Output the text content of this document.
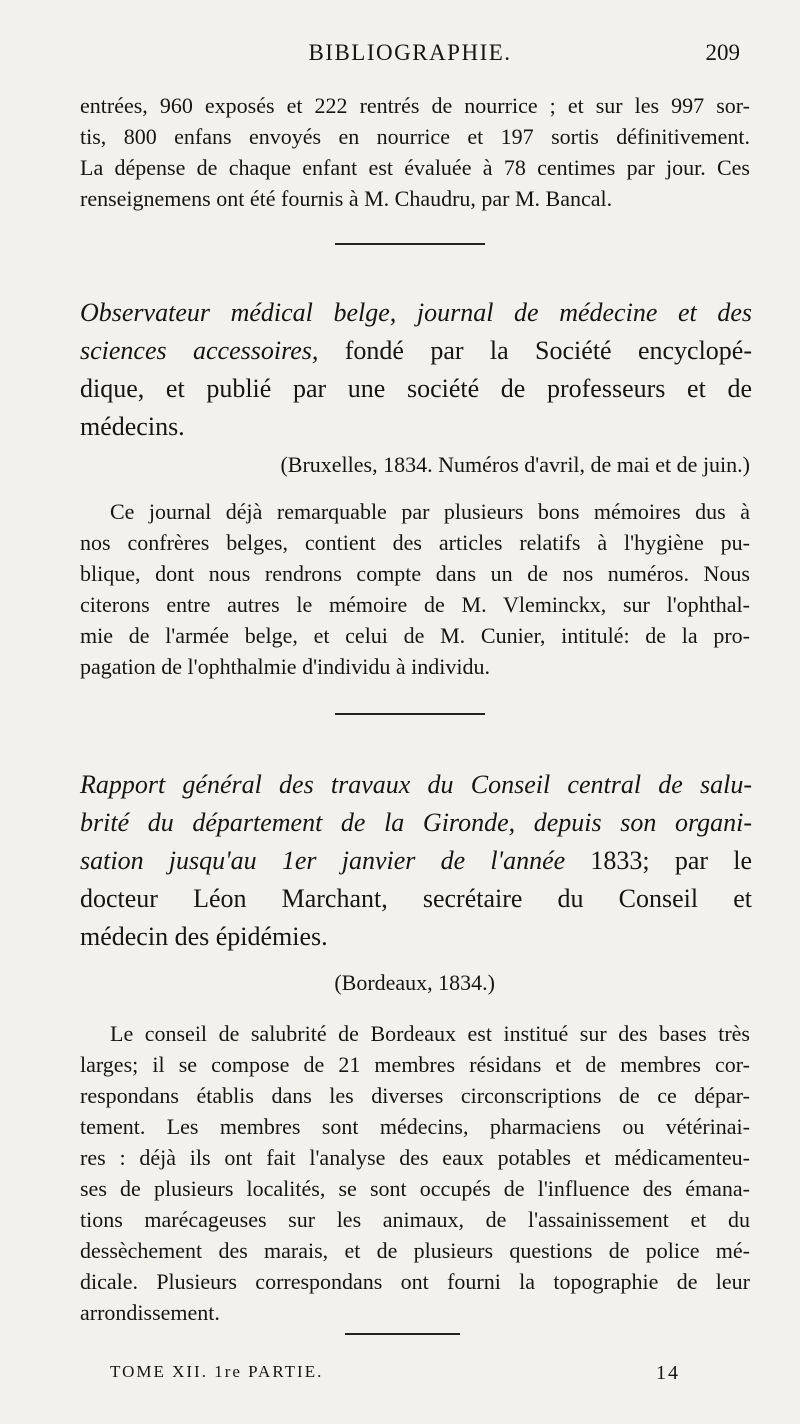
BIBLIOGRAPHIE.	209
entrées, 960 exposés et 222 rentrés de nourrice ; et sur les 997 sor-
tis, 800 enfans envoyés en nourrice et 197 sortis définitivement.
La dépense de chaque enfant est évaluée à 78 centimes par jour. Ces
renseignemens ont été fournis à M. Chaudru, par M. Bancal.
Observateur médical belge, journal de médecine et des
sciences accessoires, fondé par la Société encyclopé-
dique, et publié par une société de professeurs et de
médecins.
(Bruxelles, 1834. Numéros d'avril, de mai et de juin.)
Ce journal déjà remarquable par plusieurs bons mémoires dus à
nos confrères belges, contient des articles relatifs à l'hygiène pu-
blique, dont nous rendrons compte dans un de nos numéros. Nous
citerons entre autres le mémoire de M. Vleminckx, sur l'ophthal-
mie de l'armée belge, et celui de M. Cunier, intitulé: de la pro-
pagation de l'ophthalmie d'individu à individu.
Rapport général des travaux du Conseil central de salu-
brité du département de la Gironde, depuis son organi-
sation jusqu'au 1er janvier de l'année 1833; par le
docteur Léon Marchant, secrétaire du Conseil et
médecin des épidémies.
(Bordeaux, 1834.)
Le conseil de salubrité de Bordeaux est institué sur des bases très
larges; il se compose de 21 membres résidans et de membres cor-
respondans établis dans les diverses circonscriptions de ce dépar-
tement. Les membres sont médecins, pharmaciens ou vétérinai-
res : déjà ils ont fait l'analyse des eaux potables et médicamenteu-
ses de plusieurs localités, se sont occupés de l'influence des émana-
tions marécageuses sur les animaux, de l'assainissement et du
dessèchement des marais, et de plusieurs questions de police mé-
dicale. Plusieurs correspondans ont fourni la topographie de leur
arrondissement.
TOME XII. 1re PARTIE.	14
